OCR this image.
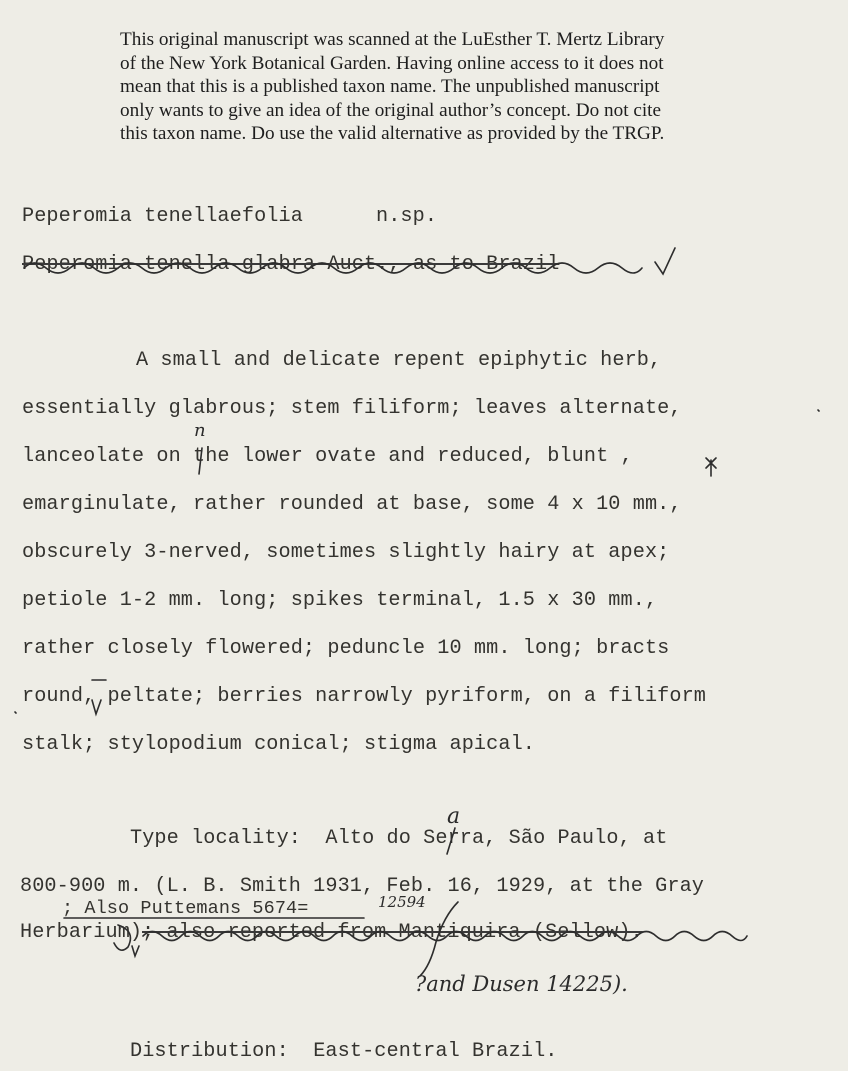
This original manuscript was scanned at the LuEsther T. Mertz Library
of the New York Botanical Garden. Having online access to it does not
mean that this is a published taxon name. The unpublished manuscript
only wants to give an idea of the original author’s concept. Do not cite
this taxon name. Do use the valid alternative as provided by the TRGP.
Peperomia tenellaefolia	n.sp.
Peperomia tenella glabra Auct., as to Brazil
A small and delicate repent epiphytic herb,
essentially glabrous; stem filiform; leaves alternate,
lanceolate on the lower ovate and reduced, blunt ,
emarginulate, rather rounded at base, some 4 x 10 mm.,
obscurely 3-nerved, sometimes slightly hairy at apex;
petiole 1-2 mm. long; spikes terminal, 1.5 x 30 mm.,
rather closely flowered; peduncle 10 mm. long; bracts
round, peltate; berries narrowly pyriform, on a filiform
stalk; stylopodium conical; stigma apical.
n
a
Type locality:  Alto do Serra, São Paulo, at
800-900 m. (L. B. Smith 1931, Feb. 16, 1929, at the Gray
; Also Puttemans 5674=	12594
Herbarium) ; also reported from Mantiquira (Sellow).
?and Dusen 14225).
Distribution:  East-central Brazil.
